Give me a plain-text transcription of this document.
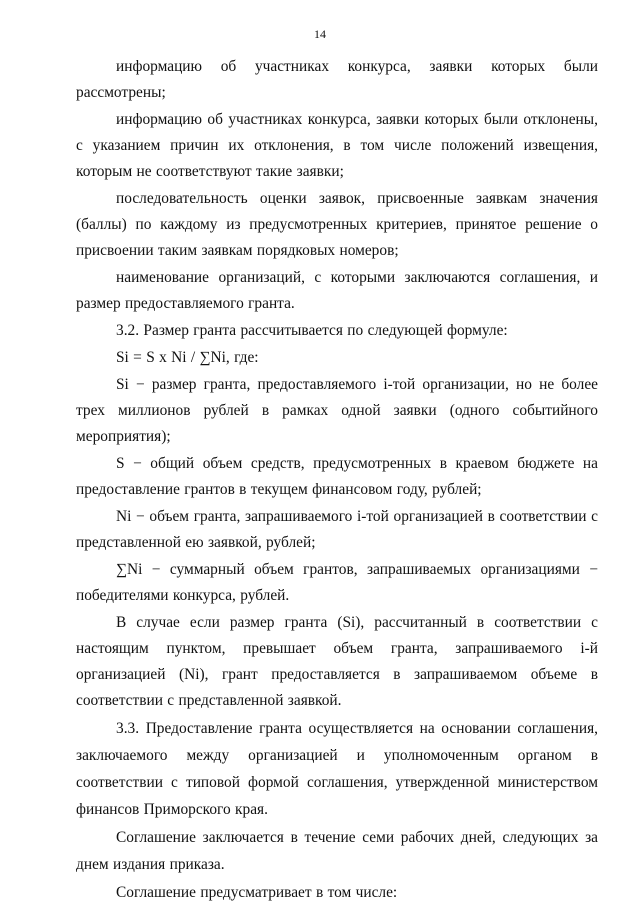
14

информацию об участниках конкурса, заявки которых были рассмотрены;

информацию об участниках конкурса, заявки которых были отклонены, с указанием причин их отклонения, в том числе положений извещения, которым не соответствуют такие заявки;

последовательность оценки заявок, присвоенные заявкам значения (баллы) по каждому из предусмотренных критериев, принятое решение о присвоении таким заявкам порядковых номеров;

наименование организаций, с которыми заключаются соглашения, и размер предоставляемого гранта.

3.2. Размер гранта рассчитывается по следующей формуле:

Si = S x Ni / ∑Ni, где:

Si − размер гранта, предоставляемого i-той организации, но не более трех миллионов рублей в рамках одной заявки (одного событийного мероприятия);

S − общий объем средств, предусмотренных в краевом бюджете на предоставление грантов в текущем финансовом году, рублей;

Ni − объем гранта, запрашиваемого i-той организацией в соответствии с представленной ею заявкой, рублей;

∑Ni − суммарный объем грантов, запрашиваемых организациями − победителями конкурса, рублей.

В случае если размер гранта (Si), рассчитанный в соответствии с настоящим пунктом, превышает объем гранта, запрашиваемого i-й организацией (Ni), грант предоставляется в запрашиваемом объеме в соответствии с представленной заявкой.

3.3. Предоставление гранта осуществляется на основании соглашения, заключаемого между организацией и уполномоченным органом в соответствии с типовой формой соглашения, утвержденной министерством финансов Приморского края.

Соглашение заключается в течение семи рабочих дней, следующих за днем издания приказа.

Соглашение предусматривает в том числе:
